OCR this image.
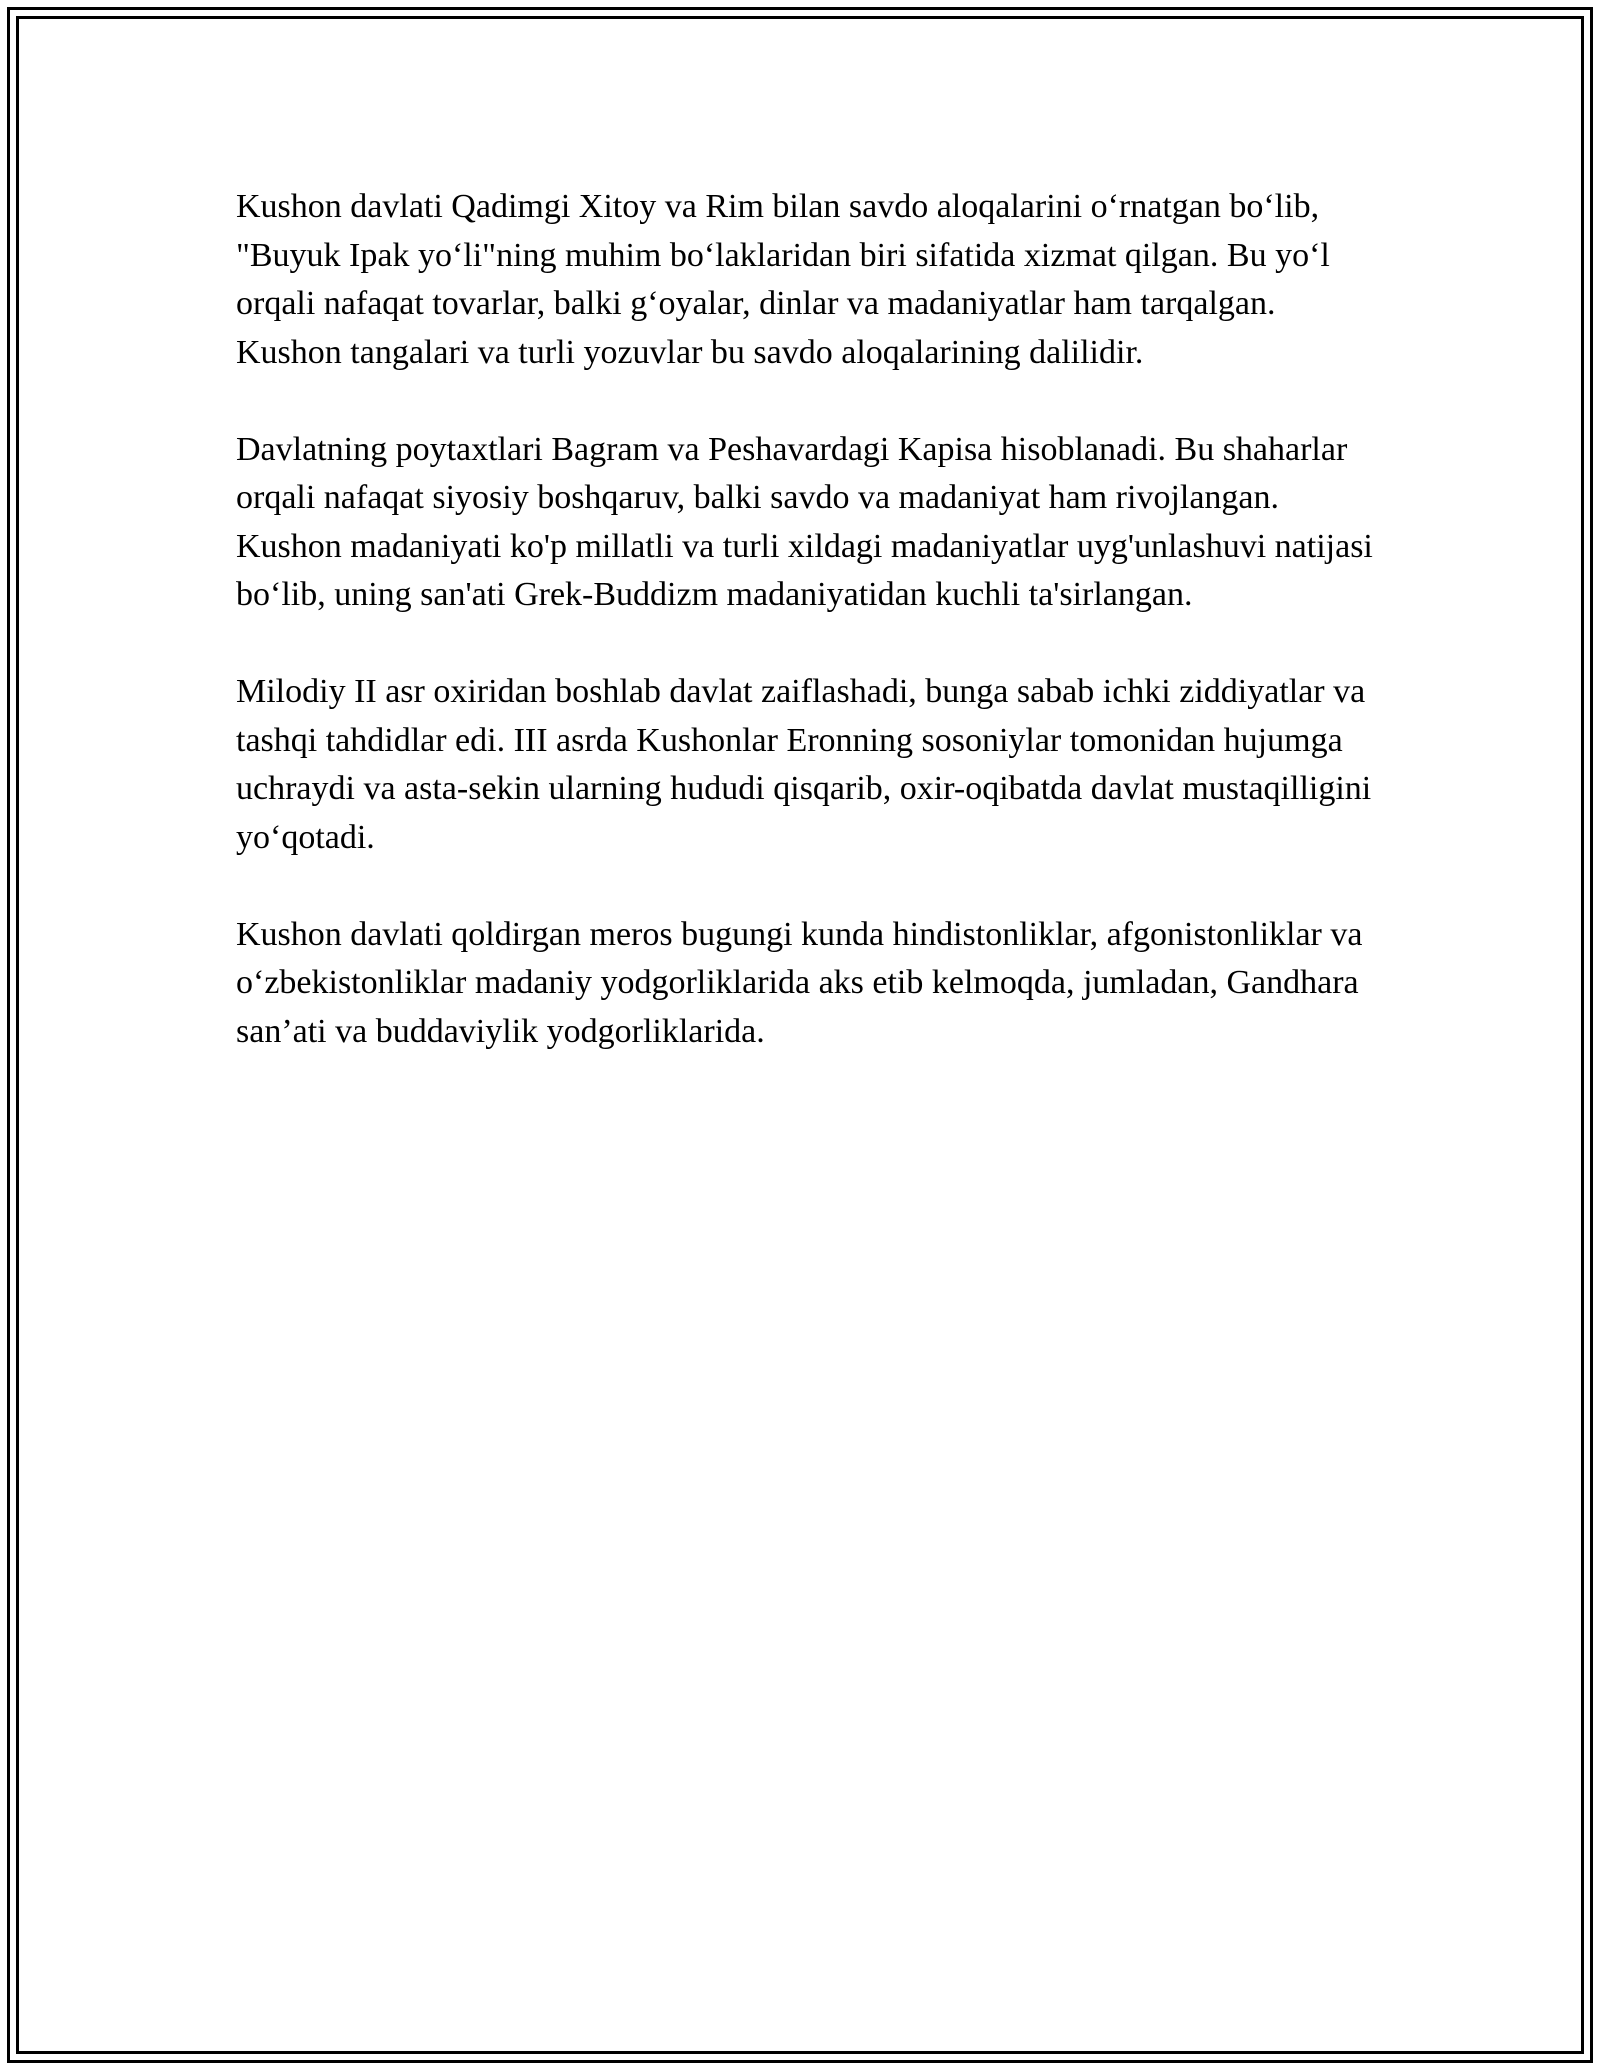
Kushon davlati Qadimgi Xitoy va Rim bilan savdo aloqalarini o‘rnatgan bo‘lib, "Buyuk Ipak yo‘li"ning muhim bo‘laklaridan biri sifatida xizmat qilgan. Bu yo‘l orqali nafaqat tovarlar, balki g‘oyalar, dinlar va madaniyatlar ham tarqalgan. Kushon tangalari va turli yozuvlar bu savdo aloqalarining dalilidir.

Davlatning poytaxtlari Bagram va Peshavardagi Kapisa hisoblanadi. Bu shaharlar orqali nafaqat siyosiy boshqaruv, balki savdo va madaniyat ham rivojlangan. Kushon madaniyati ko'p millatli va turli xildagi madaniyatlar uyg'unlashuvi natijasi bo‘lib, uning san'ati Grek-Buddizm madaniyatidan kuchli ta'sirlangan.

Milodiy II asr oxiridan boshlab davlat zaiflashadi, bunga sabab ichki ziddiyatlar va tashqi tahdidlar edi. III asrda Kushonlar Eronning sosoniylar tomonidan hujumga uchraydi va asta-sekin ularning hududi qisqarib, oxir-oqibatda davlat mustaqilligini yo‘qotadi.

Kushon davlati qoldirgan meros bugungi kunda hindistonliklar, afgonistonliklar va o‘zbekistonliklar madaniy yodgorliklarida aks etib kelmoqda, jumladan, Gandhara san’ati va buddaviylik yodgorliklarida.
